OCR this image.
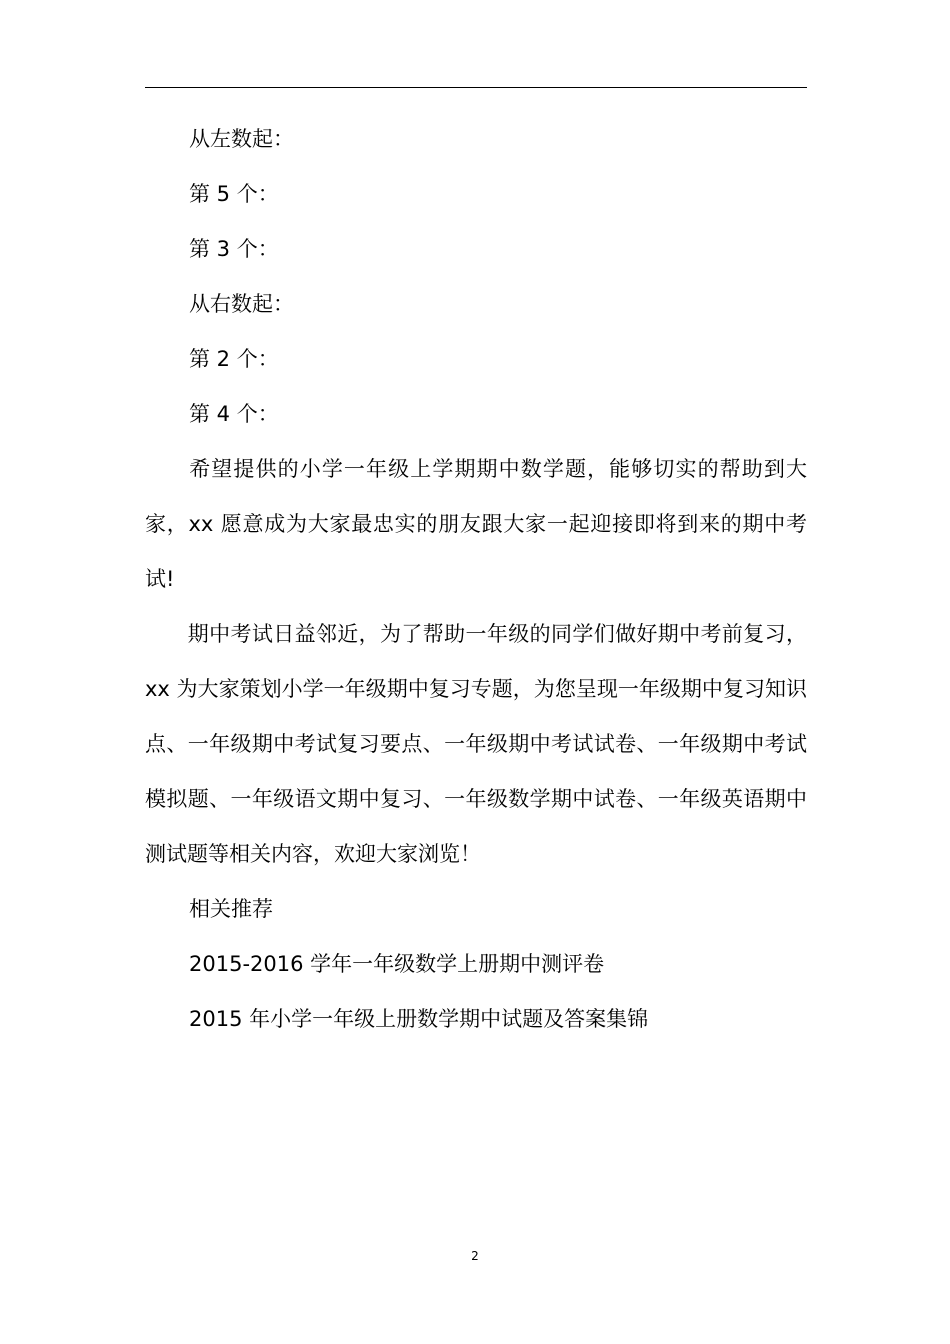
从左数起：
第 5 个：
第 3 个：
从右数起：
第 2 个：
第 4 个：
　　希望提供的小学一年级上学期期中数学题，能够切实的帮助到大家，xx 愿意成为大家最忠实的朋友跟大家一起迎接即将到来的期中考试!
　　期中考试日益邻近，为了帮助一年级的同学们做好期中考前复习，xx 为大家策划小学一年级期中复习专题，为您呈现一年级期中复习知识点、一年级期中考试复习要点、一年级期中考试试卷、一年级期中考试模拟题、一年级语文期中复习、一年级数学期中试卷、一年级英语期中测试题等相关内容，欢迎大家浏览！
相关推荐
2015-2016 学年一年级数学上册期中测评卷
2015 年小学一年级上册数学期中试题及答案集锦
2
